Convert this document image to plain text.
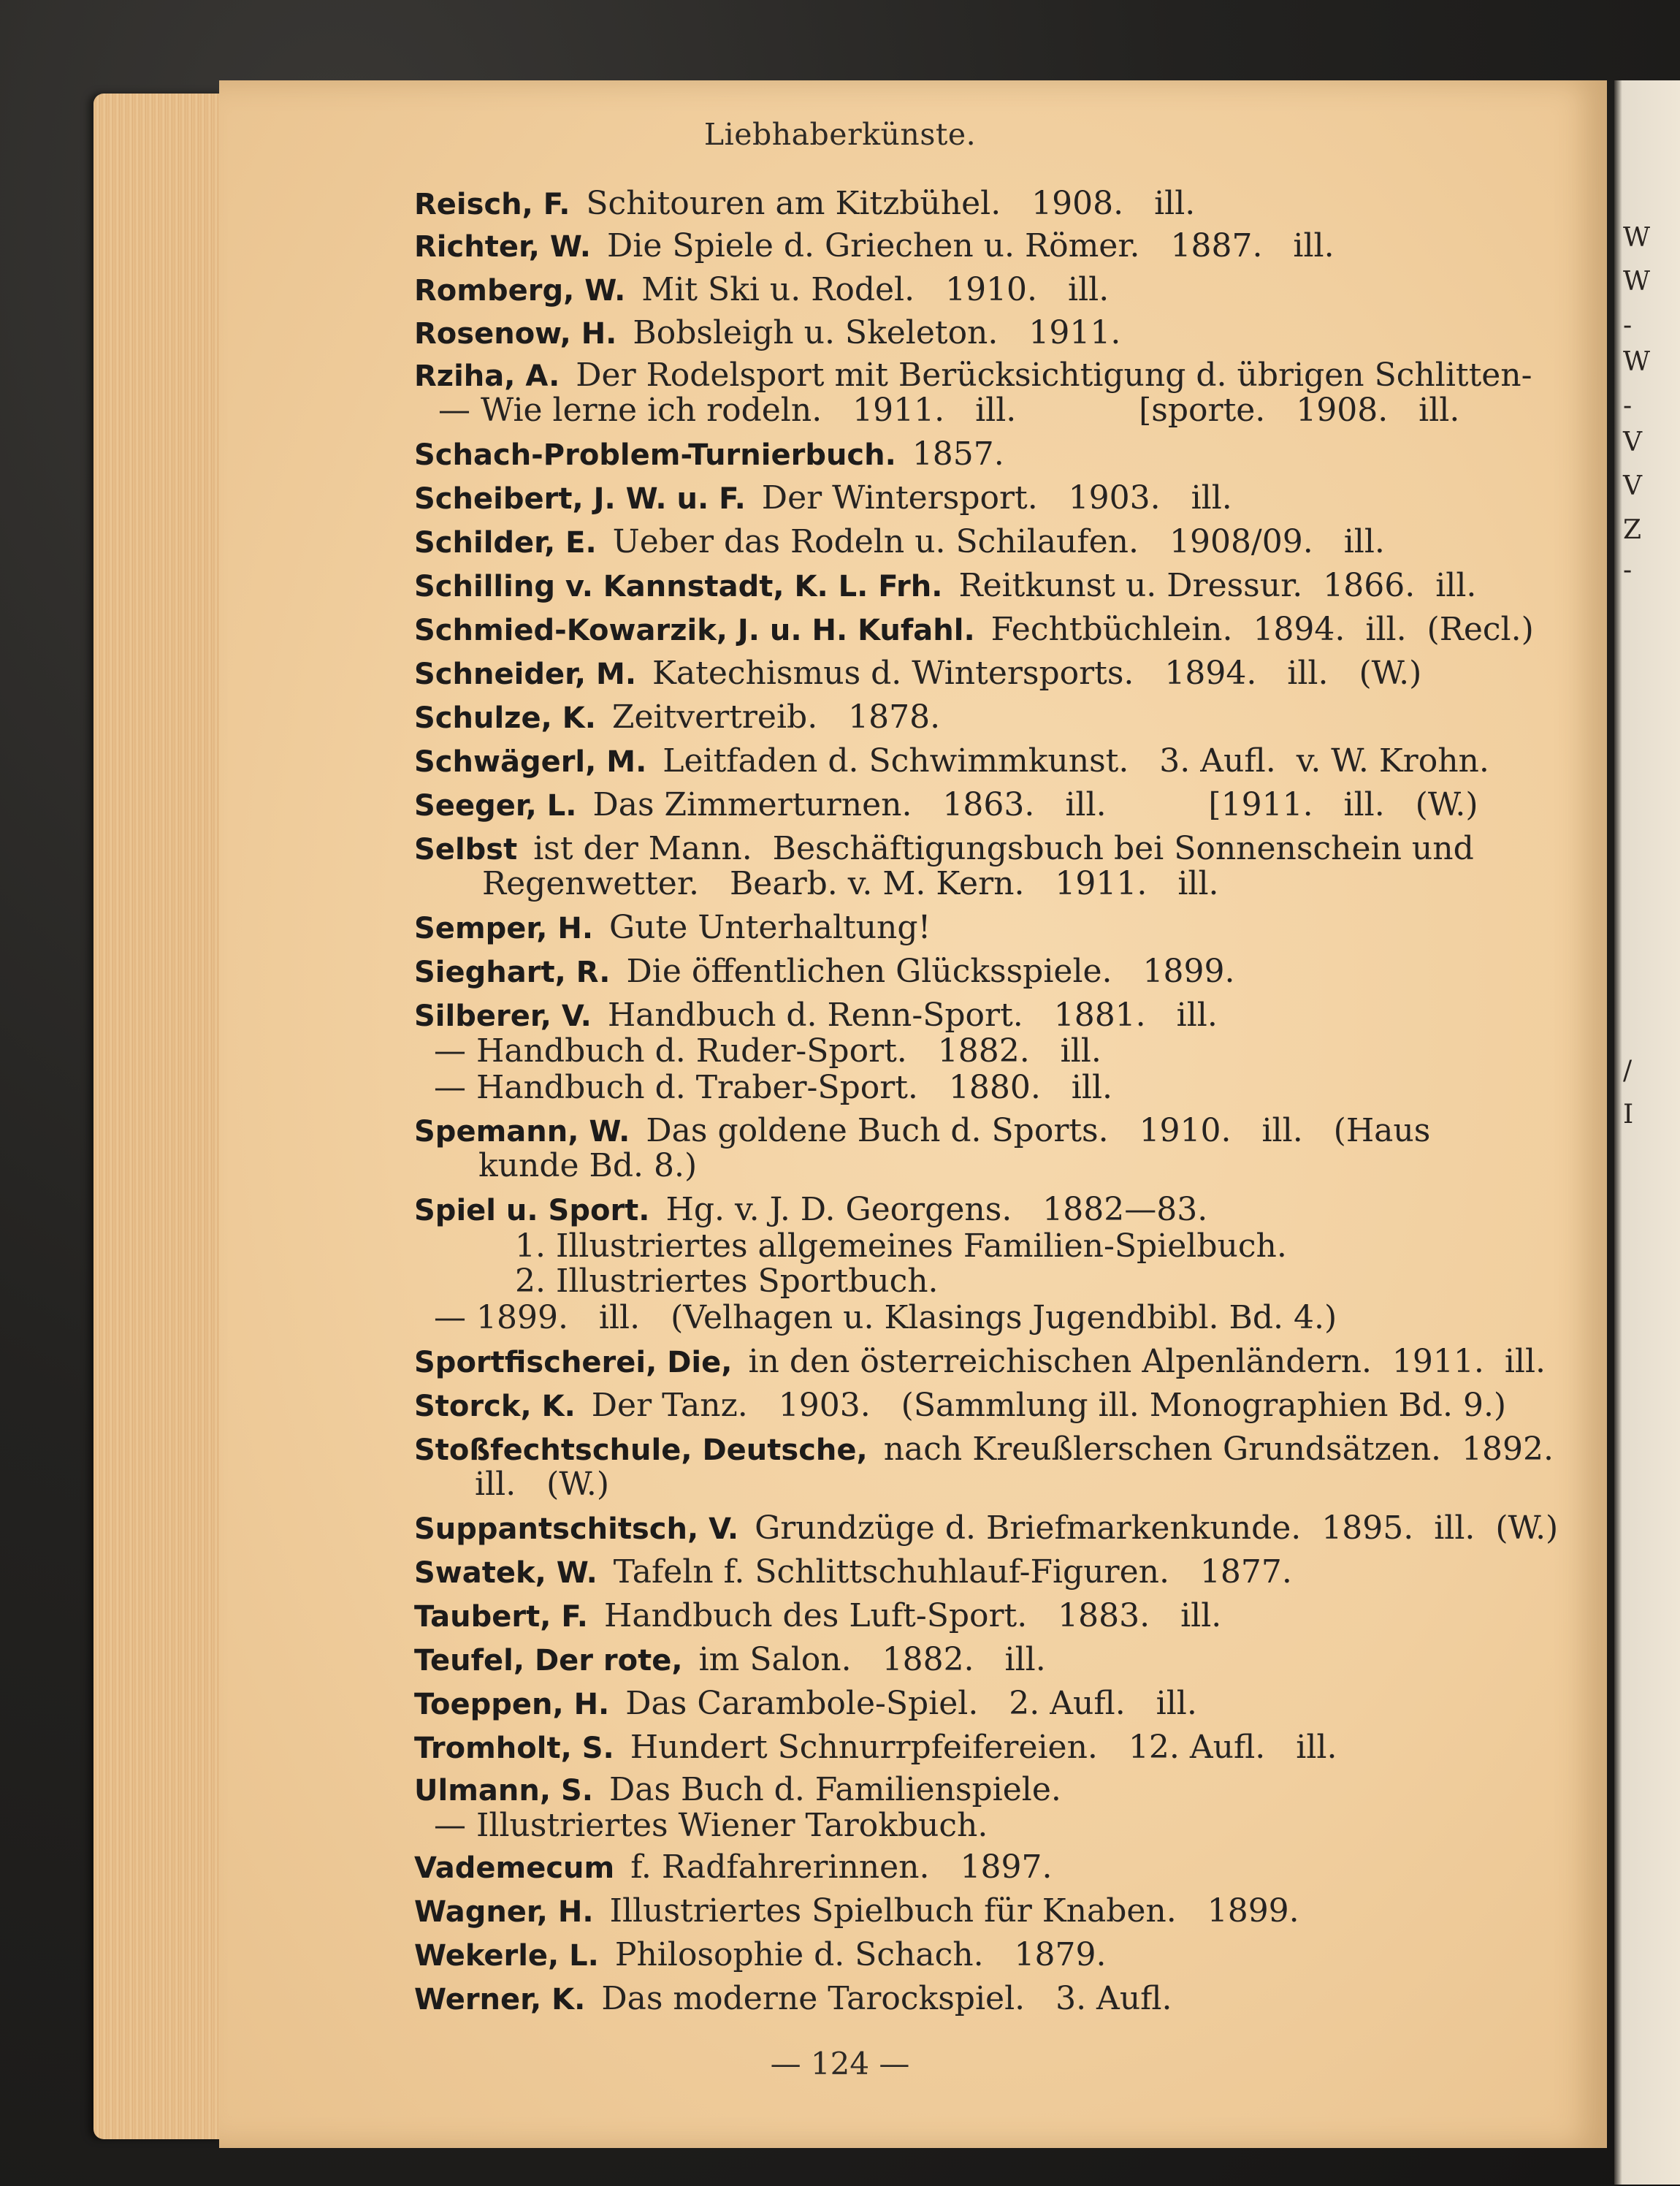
W
W
-
W
-
V
V
Z
-
/
I
Liebhaberkünste.
Reisch, F. Schitouren am Kitzbühel.   1908.   ill.
Richter, W. Die Spiele d. Griechen u. Römer.   1887.   ill.
Romberg, W. Mit Ski u. Rodel.   1910.   ill.
Rosenow, H. Bobsleigh u. Skeleton.   1911.
Rziha, A. Der Rodelsport mit Berücksichtigung d. übrigen Schlitten-
— Wie lerne ich rodeln.   1911.   ill.            [sporte.   1908.   ill.
Schach-Problem-Turnierbuch. 1857.
Scheibert, J. W. u. F. Der Wintersport.   1903.   ill.
Schilder, E. Ueber das Rodeln u. Schilaufen.   1908/09.   ill.
Schilling v. Kannstadt, K. L. Frh. Reitkunst u. Dressur.  1866.  ill.
Schmied-Kowarzik, J. u. H. Kufahl. Fechtbüchlein.  1894.  ill.  (Recl.)
Schneider, M. Katechismus d. Wintersports.   1894.   ill.   (W.)
Schulze, K. Zeitvertreib.   1878.
Schwägerl, M. Leitfaden d. Schwimmkunst.   3. Aufl.  v. W. Krohn.
Seeger, L. Das Zimmerturnen.   1863.   ill.          [1911.   ill.   (W.)
Selbst ist der Mann.  Beschäftigungsbuch bei Sonnenschein und
Regenwetter.   Bearb. v. M. Kern.   1911.   ill.
Semper, H. Gute Unterhaltung!
Sieghart, R. Die öffentlichen Glücksspiele.   1899.
Silberer, V. Handbuch d. Renn-Sport.   1881.   ill.
— Handbuch d. Ruder-Sport.   1882.   ill.
— Handbuch d. Traber-Sport.   1880.   ill.
Spemann, W. Das goldene Buch d. Sports.   1910.   ill.   (Haus
kunde Bd. 8.)
Spiel u. Sport. Hg. v. J. D. Georgens.   1882—83.
1. Illustriertes allgemeines Familien-Spielbuch.
2. Illustriertes Sportbuch.
— 1899.   ill.   (Velhagen u. Klasings Jugendbibl. Bd. 4.)
Sportfischerei, Die, in den österreichischen Alpenländern.  1911.  ill.
Storck, K. Der Tanz.   1903.   (Sammlung ill. Monographien Bd. 9.)
Stoßfechtschule, Deutsche, nach Kreußlerschen Grundsätzen.  1892.
ill.   (W.)
Suppantschitsch, V. Grundzüge d. Briefmarkenkunde.  1895.  ill.  (W.)
Swatek, W. Tafeln f. Schlittschuhlauf-Figuren.   1877.
Taubert, F. Handbuch des Luft-Sport.   1883.   ill.
Teufel, Der rote, im Salon.   1882.   ill.
Toeppen, H. Das Carambole-Spiel.   2. Aufl.   ill.
Tromholt, S. Hundert Schnurrpfeifereien.   12. Aufl.   ill.
Ulmann, S. Das Buch d. Familienspiele.
— Illustriertes Wiener Tarokbuch.
Vademecum f. Radfahrerinnen.   1897.
Wagner, H. Illustriertes Spielbuch für Knaben.   1899.
Wekerle, L. Philosophie d. Schach.   1879.
Werner, K. Das moderne Tarockspiel.   3. Aufl.
— 124 —
